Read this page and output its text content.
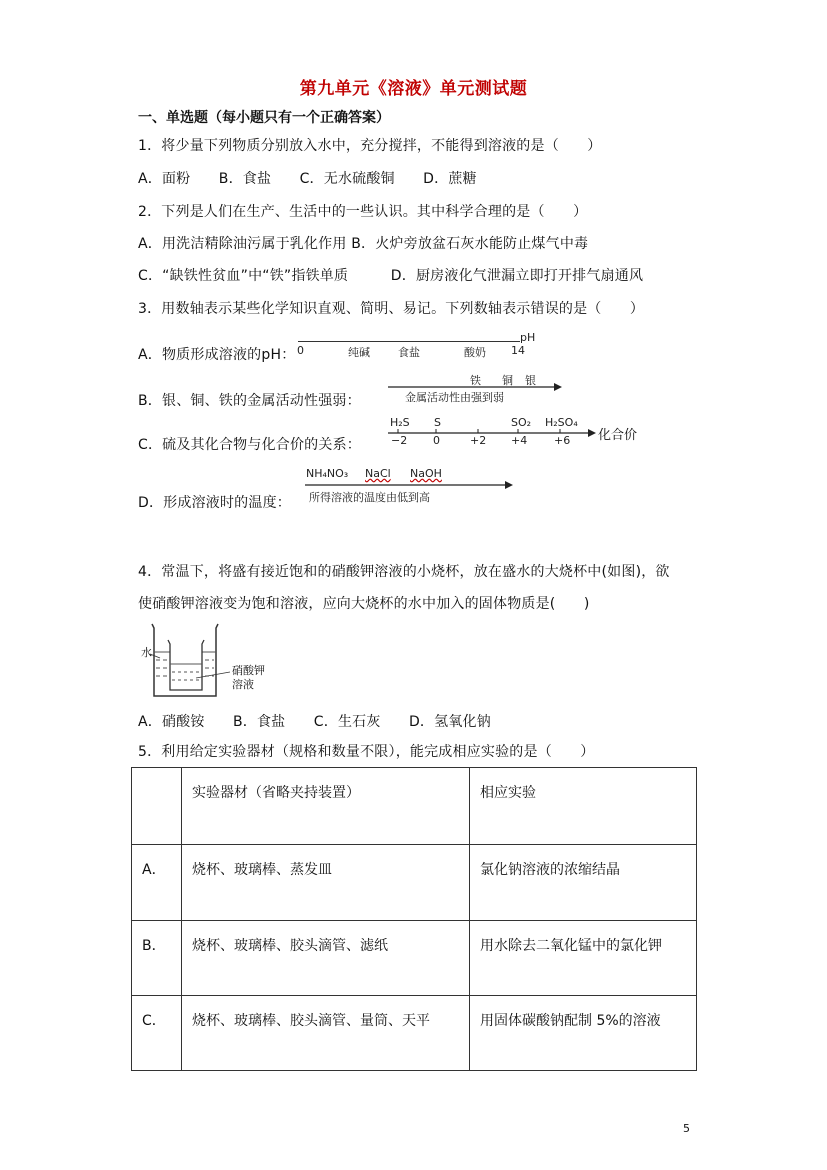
第九单元《溶液》单元测试题
一、单选题（每小题只有一个正确答案）
1．将少量下列物质分别放入水中，充分搅拌，不能得到溶液的是（　　）
A．面粉　　B．食盐　　C．无水硫酸铜　　D．蔗糖
2．下列是人们在生产、生活中的一些认识。其中科学合理的是（　　）
A．用洗洁精除油污属于乳化作用 B．火炉旁放盆石灰水能防止煤气中毒
C．“缺铁性贫血”中“铁”指铁单质　　　D．厨房液化气泄漏立即打开排气扇通风
3．用数轴表示某些化学知识直观、简明、易记。下列数轴表示错误的是（　　）
A．物质形成溶液的pH：
pH
0	纯碱	食盐	酸奶 14
B．银、铜、铁的金属活动性强弱：
铁 铜 银
金属活动性由强到弱
C．硫及其化合物与化合价的关系：
H₂S S	SO₂ H₂SO₄
−2 0	+2 +4 +6 化合价
D．形成溶液时的温度：
NH₄NO₃ NaCl NaOH
所得溶液的温度由低到高
4．常温下，将盛有接近饱和的硝酸钾溶液的小烧杯，放在盛水的大烧杯中(如图)，欲
使硝酸钾溶液变为饱和溶液，应向大烧杯的水中加入的固体物质是(　　)
水
硝酸钾
溶液
A．硝酸铵　　B．食盐　　C．生石灰　　D．氢氧化钠
5．利用给定实验器材（规格和数量不限），能完成相应实验的是（　　）
	实验器材（省略夹持装置）	相应实验
A．	烧杯、玻璃棒、蒸发皿	氯化钠溶液的浓缩结晶
B．	烧杯、玻璃棒、胶头滴管、滤纸	用水除去二氧化锰中的氯化钾
C．	烧杯、玻璃棒、胶头滴管、量筒、天平	用固体碳酸钠配制 5%的溶液
5
